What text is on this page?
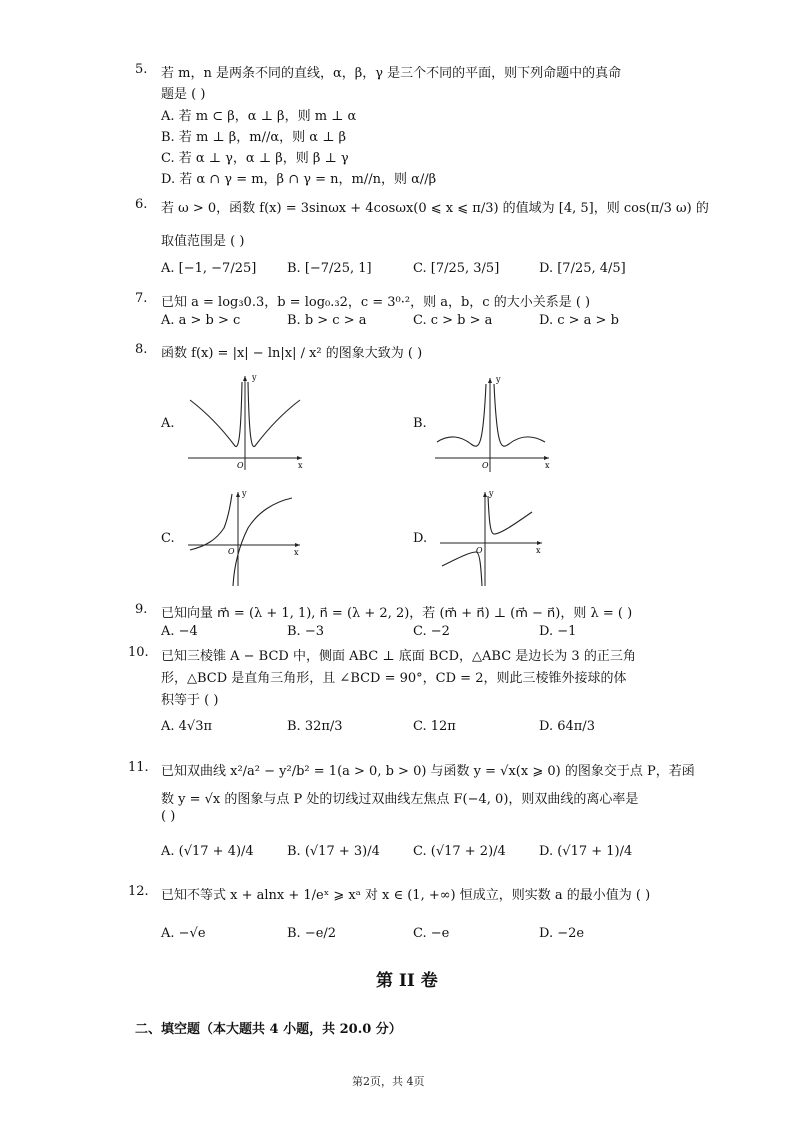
5. 若 m，n 是两条不同的直线，α，β，γ 是三个不同的平面，则下列命题中的真命
题是 ( )
A. 若 m ⊂ β，α ⊥ β，则 m ⊥ α
B. 若 m ⊥ β，m//α，则 α ⊥ β
C. 若 α ⊥ γ，α ⊥ β，则 β ⊥ γ
D. 若 α ∩ γ = m，β ∩ γ = n，m//n，则 α//β
6. 若 ω > 0，函数 f(x) = 3sinωx + 4cosωx(0 ⩽ x ⩽ π/3) 的值域为 [4, 5]，则 cos(π/3 ω) 的
取值范围是 ( )
A. [−1, −7/25] B. [−7/25, 1]	C. [7/25, 3/5]	D. [7/25, 4/5]
7. 已知 a = log₃0.3，b = log₀.₃2，c = 3⁰·²，则 a，b，c 的大小关系是 ( )
A. a > b > c	B. b > c > a	C. c > b > a	D. c > a > b
8. 函数 f(x) = |x| − ln|x| / x² 的图象大致为 ( )
A.	B.
C.	D.
y
x
O
y
x
O
y
x
O
y
x
O
9. 已知向量 m⃗ = (λ + 1, 1), n⃗ = (λ + 2, 2)，若 (m⃗ + n⃗) ⊥ (m⃗ − n⃗)，则 λ = ( )
A. −4	B. −3	C. −2	D. −1
10. 已知三棱锥 A − BCD 中，侧面 ABC ⊥ 底面 BCD，△ABC 是边长为 3 的正三角
形，△BCD 是直角三角形，且 ∠BCD = 90°，CD = 2，则此三棱锥外接球的体
积等于 ( )
A. 4√3π	B. 32π/3	C. 12π	D. 64π/3
11. 已知双曲线 x²/a² − y²/b² = 1(a > 0, b > 0) 与函数 y = √x(x ⩾ 0) 的图象交于点 P，若函
数 y = √x 的图象与点 P 处的切线过双曲线左焦点 F(−4, 0)，则双曲线的离心率是
( )
A. (√17 + 4)/4	B. (√17 + 3)/4	C. (√17 + 2)/4	D. (√17 + 1)/4
12. 已知不等式 x + alnx + 1/eˣ ⩾ xᵃ 对 x ∈ (1, +∞) 恒成立，则实数 a 的最小值为 ( )
A. −√e	B. −e/2	C. −e	D. −2e
第 II 卷
二、填空题（本大题共 4 小题，共 20.0 分）
第2页，共 4页
